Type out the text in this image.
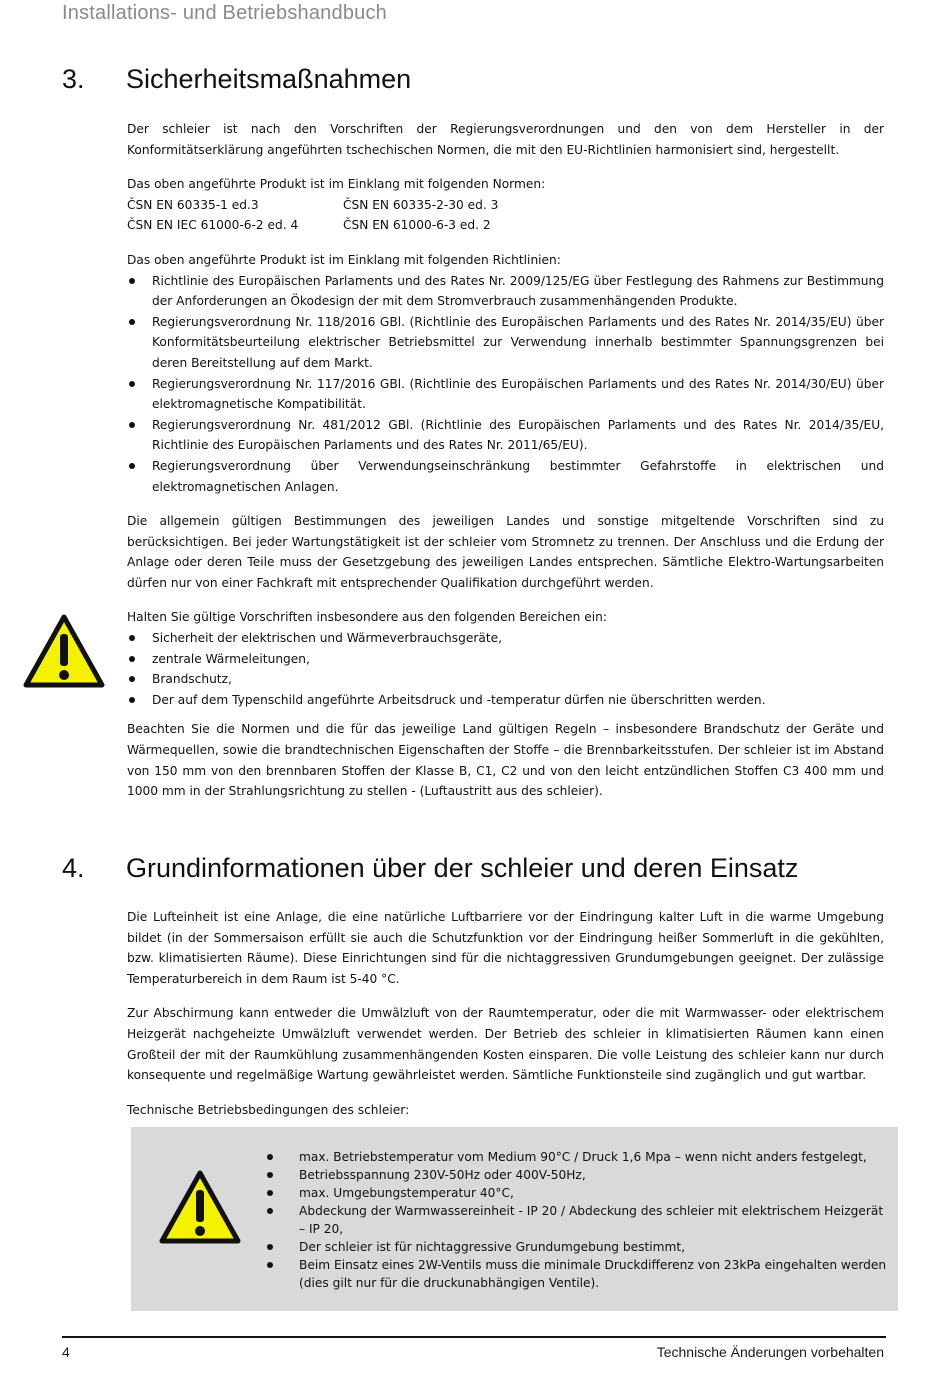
Installations- und Betriebshandbuch
3. Sicherheitsmaßnahmen

Der schleier ist nach den Vorschriften der Regierungsverordnungen und den von dem Hersteller in der Konformitätserklärung angeführten tschechischen Normen, die mit den EU-Richtlinien harmonisiert sind, hergestellt.

Das oben angeführte Produkt ist im Einklang mit folgenden Normen:

ČSN EN 60335-1 ed.3	ČSN EN 60335-2-30 ed. 3
ČSN EN IEC 61000-6-2 ed. 4	ČSN EN 61000-6-3 ed. 2

Das oben angeführte Produkt ist im Einklang mit folgenden Richtlinien:

Richtlinie des Europäischen Parlaments und des Rates Nr. 2009/125/EG über Festlegung des Rahmens zur Bestimmung der Anforderungen an Ökodesign der mit dem Stromverbrauch zusammenhängenden Produkte.
Regierungsverordnung Nr. 118/2016 GBl. (Richtlinie des Europäischen Parlaments und des Rates Nr. 2014/35/EU) über Konformitätsbeurteilung elektrischer Betriebsmittel zur Verwendung innerhalb bestimmter Spannungsgrenzen bei deren Bereitstellung auf dem Markt.
Regierungsverordnung Nr. 117/2016 GBl. (Richtlinie des Europäischen Parlaments und des Rates Nr. 2014/30/EU) über elektromagnetische Kompatibilität.
Regierungsverordnung Nr. 481/2012 GBl. (Richtlinie des Europäischen Parlaments und des Rates Nr. 2014/35/EU, Richtlinie des Europäischen Parlaments und des Rates Nr. 2011/65/EU).
Regierungsverordnung über Verwendungseinschränkung bestimmter Gefahrstoffe in elektrischen und elektromagnetischen Anlagen.

Die allgemein gültigen Bestimmungen des jeweiligen Landes und sonstige mitgeltende Vorschriften sind zu berücksichtigen. Bei jeder Wartungstätigkeit ist der schleier vom Stromnetz zu trennen. Der Anschluss und die Erdung der Anlage oder deren Teile muss der Gesetzgebung des jeweiligen Landes entsprechen. Sämtliche Elektro-Wartungsarbeiten dürfen nur von einer Fachkraft mit entsprechender Qualifikation durchgeführt werden.

Halten Sie gültige Vorschriften insbesondere aus den folgenden Bereichen ein:

Sicherheit der elektrischen und Wärmeverbrauchsgeräte,
zentrale Wärmeleitungen,
Brandschutz,
Der auf dem Typenschild angeführte Arbeitsdruck und -temperatur dürfen nie überschritten werden.

Beachten Sie die Normen und die für das jeweilige Land gültigen Regeln – insbesondere Brandschutz der Geräte und Wärmequellen, sowie die brandtechnischen Eigenschaften der Stoffe – die Brennbarkeitsstufen. Der schleier ist im Abstand von 150 mm von den brennbaren Stoffen der Klasse B, C1, C2 und von den leicht entzündlichen Stoffen C3 400 mm und 1000 mm in der Strahlungsrichtung zu stellen - (Luftaustritt aus des schleier).

4. Grundinformationen über der schleier und deren Einsatz

Die Lufteinheit ist eine Anlage, die eine natürliche Luftbarriere vor der Eindringung kalter Luft in die warme Umgebung bildet (in der Sommersaison erfüllt sie auch die Schutzfunktion vor der Eindringung heißer Sommerluft in die gekühlten, bzw. klimatisierten Räume). Diese Einrichtungen sind für die nichtaggressiven Grundumgebungen geeignet. Der zulässige Temperaturbereich in dem Raum ist 5-40 °C.

Zur Abschirmung kann entweder die Umwälzluft von der Raumtemperatur, oder die mit Warmwasser- oder elektrischem Heizgerät nachgeheizte Umwälzluft verwendet werden. Der Betrieb des schleier in klimatisierten Räumen kann einen Großteil der mit der Raumkühlung zusammenhängenden Kosten einsparen. Die volle Leistung des schleier kann nur durch konsequente und regelmäßige Wartung gewährleistet werden. Sämtliche Funktionsteile sind zugänglich und gut wartbar.

Technische Betriebsbedingungen des schleier:

max. Betriebstemperatur vom Medium 90°C / Druck 1,6 Mpa – wenn nicht anders festgelegt,
Betriebsspannung 230V-50Hz oder 400V-50Hz,
max. Umgebungstemperatur 40°C,
Abdeckung der Warmwassereinheit - IP 20 / Abdeckung des schleier mit elektrischem Heizgerät – IP 20,
Der schleier ist für nichtaggressive Grundumgebung bestimmt,
Beim Einsatz eines 2W-Ventils muss die minimale Druckdifferenz von 23kPa eingehalten werden (dies gilt nur für die druckunabhängigen Ventile).
4	Technische Änderungen vorbehalten
